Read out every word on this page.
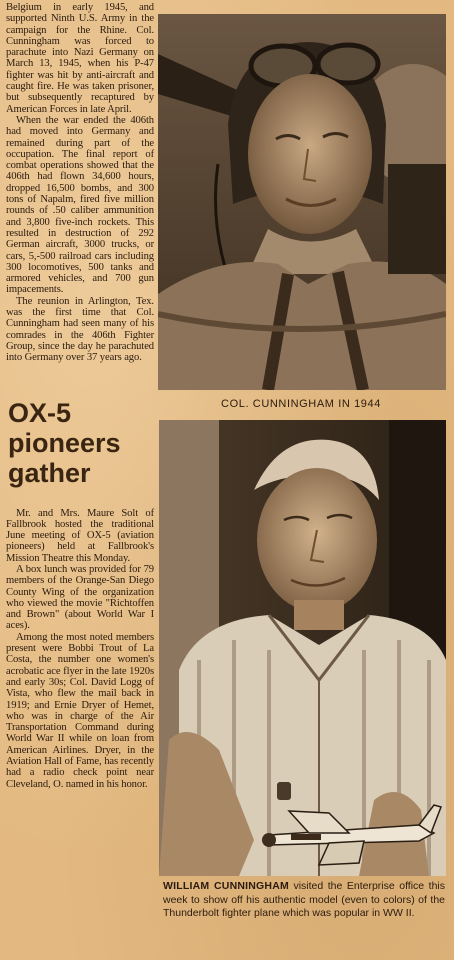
Belgium in early 1945, and supported Ninth U.S. Army in the campaign for the Rhine. Col. Cunningham was forced to parachute into Nazi Germany on March 13, 1945, when his P-47 fighter was hit by anti-aircraft and caught fire. He was taken prisoner, but subsequently recaptured by American Forces in late April.

When the war ended the 406th had moved into Germany and remained during part of the occupation. The final report of combat operations showed that the 406th had flown 34,600 hours, dropped 16,500 bombs, and 300 tons of Napalm, fired five million rounds of .50 caliber ammunition and 3,800 five-inch rockets. This resulted in destruction of 292 German aircraft, 3000 trucks, or cars, 5,-500 railroad cars including 300 locomotives, 500 tanks and armored vehicles, and 700 gun impacements.

The reunion in Arlington, Tex. was the first time that Col. Cunningham had seen many of his comrades in the 406th Fighter Group, since the day he parachuted into Germany over 37 years ago.

OX-5

pioneers

gather

Mr. and Mrs. Maure Solt of Fallbrook hosted the traditional June meeting of OX-5 (aviation pioneers) held at Fallbrook's Mission Theatre this Monday.

A box lunch was provided for 79 members of the Orange-San Diego County Wing of the organization who viewed the movie "Richtoffen and Brown" (about World War I aces).

Among the most noted members present were Bobbi Trout of La Costa, the number one women's acrobatic ace flyer in the late 1920s and early 30s; Col. David Logg of Vista, who flew the mail back in 1919; and Ernie Dryer of Hemet, who was in charge of the Air Transportation Command during World War II while on loan from American Airlines. Dryer, in the Aviation Hall of Fame, has recently had a radio check point near Cleveland, O. named in his honor.

COL. CUNNINGHAM IN 1944
WILLIAM CUNNINGHAM visited the Enterprise office this week to show off his authentic model (even to colors) of the Thunderbolt fighter plane which was popular in WW II.
